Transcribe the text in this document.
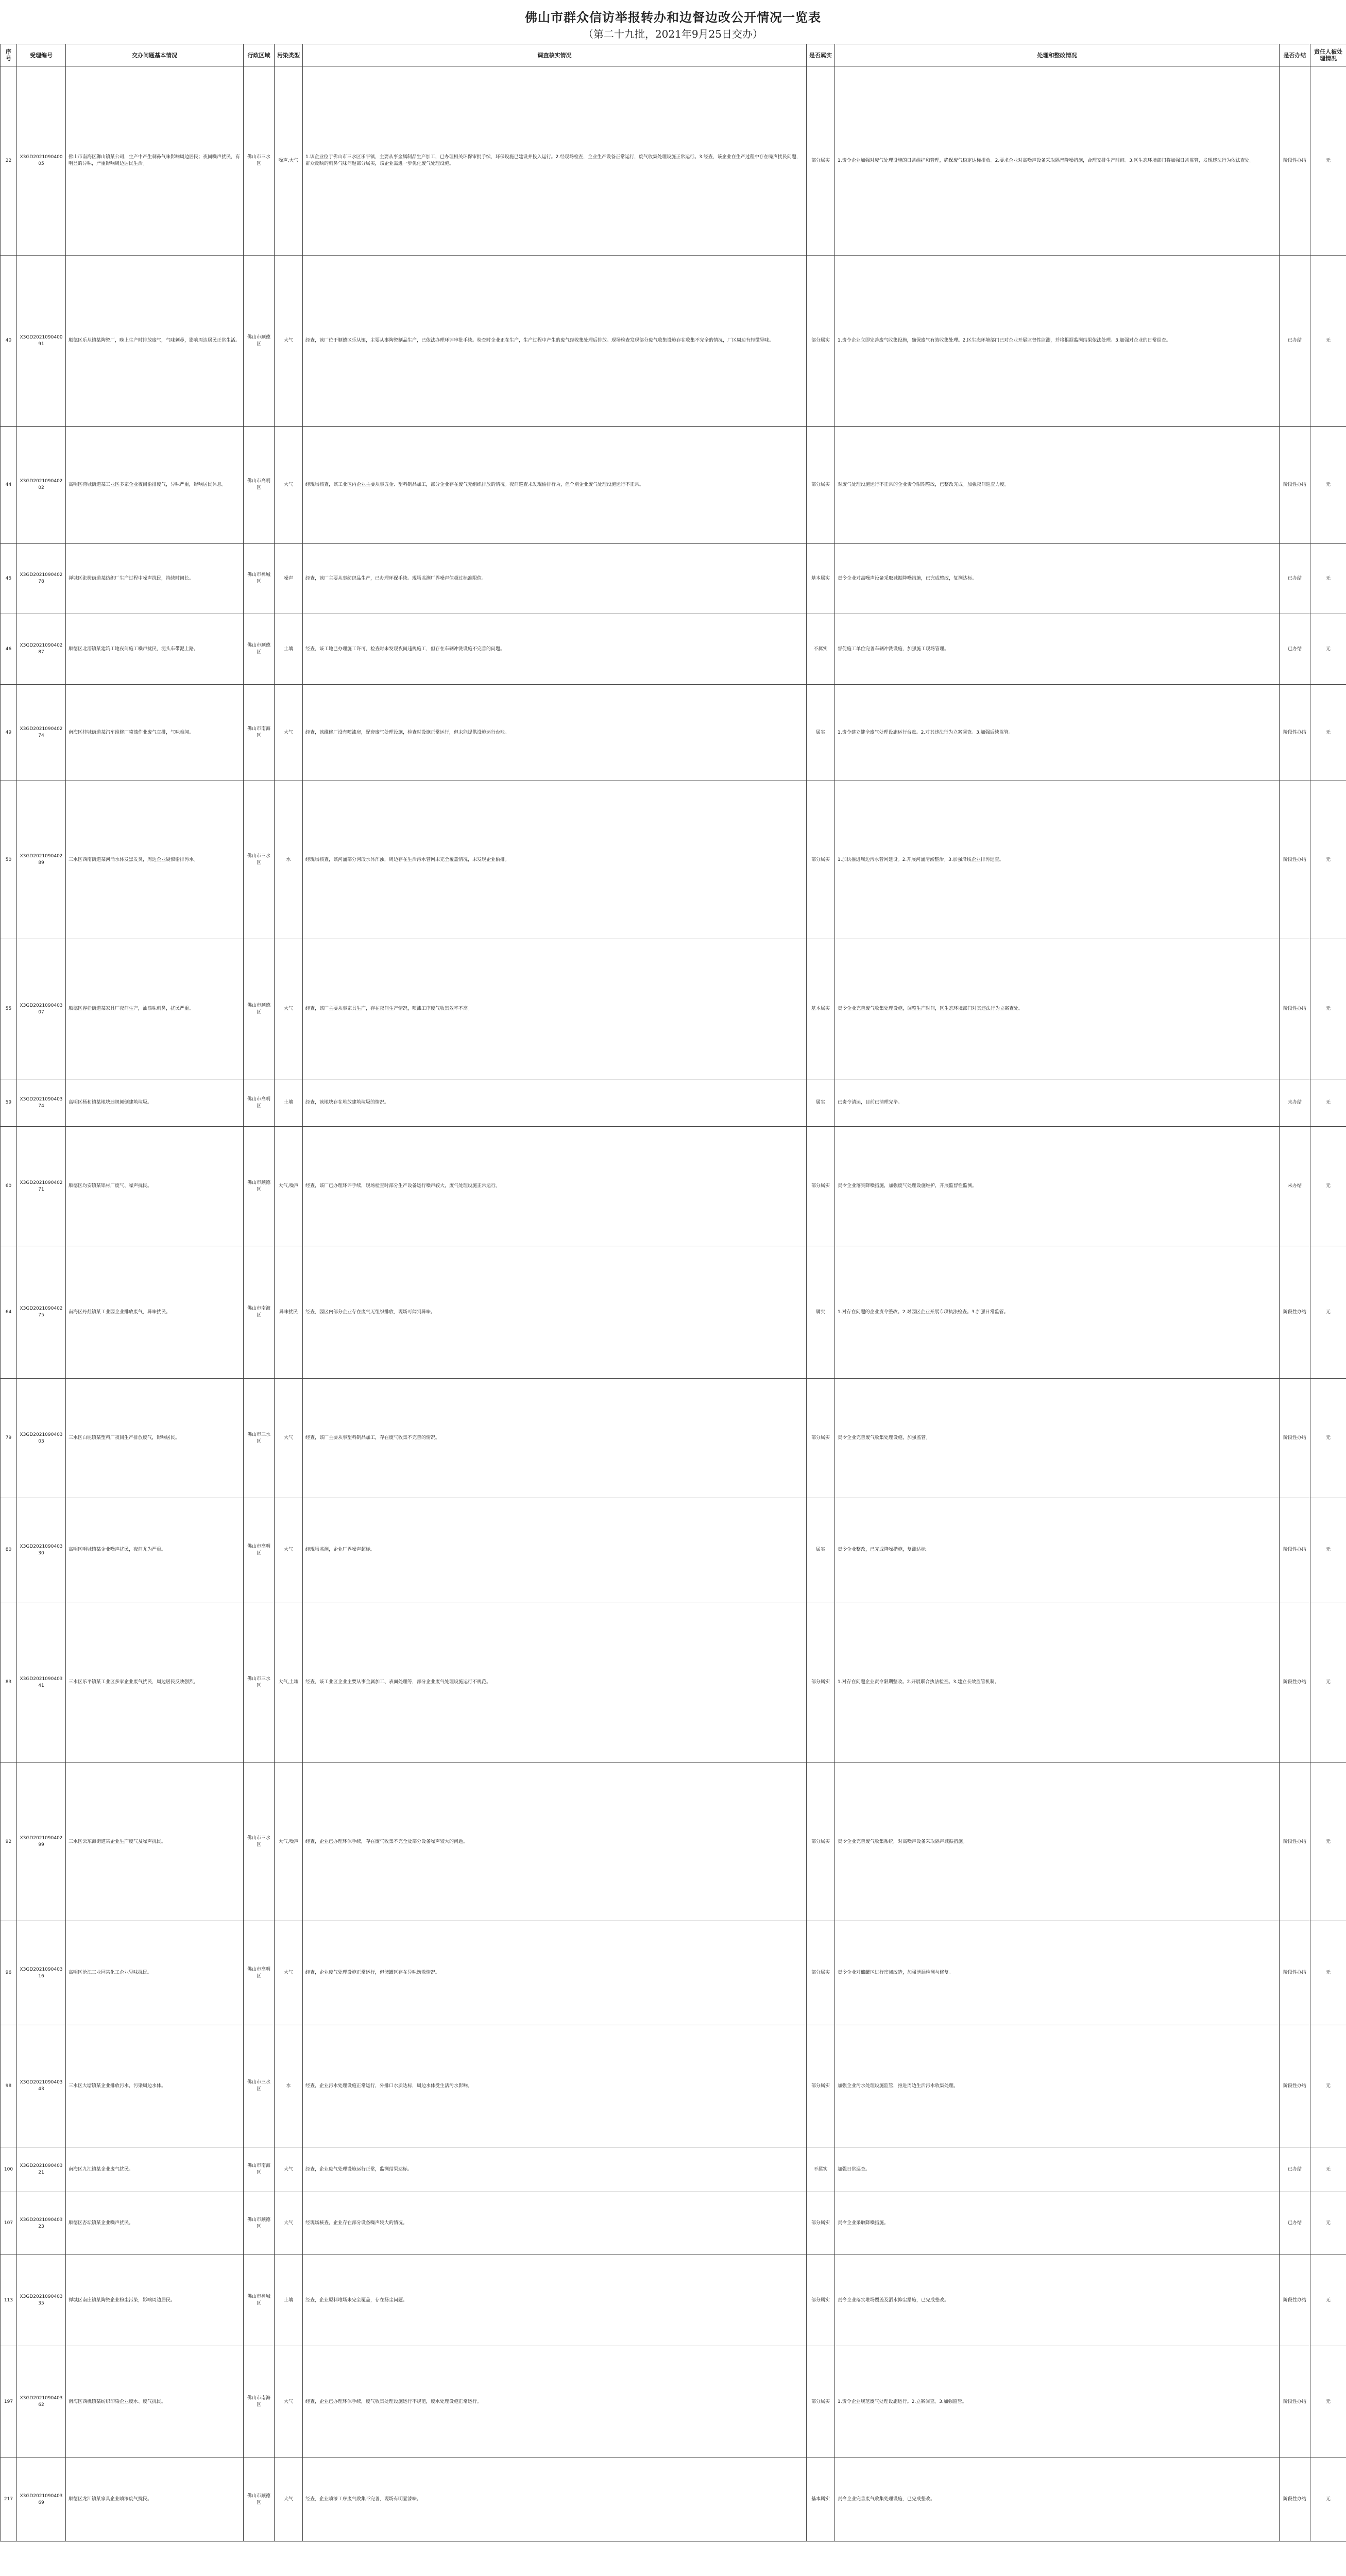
佛山市群众信访举报转办和边督边改公开情况一览表
（第二十九批，2021年9月25日交办）
序号	受理编号	交办问题基本情况	行政区域	污染类型	调查核实情况	是否属实	处理和整改情况	是否办结	责任人被处理情况
22	X3GD202109040005	佛山市南海区狮山镇某公司，生产中产生刺鼻气味影响周边居民；夜间噪声扰民，有明显的异味，严重影响周边居民生活。	佛山市三水区	噪声,大气	1.该企业位于佛山市三水区乐平镇，主要从事金属制品生产加工，已办理相关环保审批手续，环保设施已建设并投入运行。2.经现场检查，企业生产设备正常运行，废气收集处理设施正常运行。3.经查，该企业在生产过程中存在噪声扰民问题，群众反映的刺鼻气味问题部分属实，该企业需进一步优化废气处理设施。	部分属实	1.责令企业加强对废气处理设施的日常维护和管理，确保废气稳定达标排放。2.要求企业对高噪声设备采取隔音降噪措施，合理安排生产时间。3.区生态环境部门将加强日常监管，发现违法行为依法查处。	阶段性办结	无
40	X3GD202109040091	顺德区乐从镇某陶瓷厂，晚上生产时排放废气，气味刺鼻，影响周边居民正常生活。	佛山市顺德区	大气	经查，该厂位于顺德区乐从镇，主要从事陶瓷制品生产，已依法办理环评审批手续。检查时企业正在生产，生产过程中产生的废气经收集处理后排放。现场检查发现部分废气收集设施存在收集不完全的情况，厂区周边有轻微异味。	部分属实	1.责令企业立即完善废气收集设施，确保废气有效收集处理。2.区生态环境部门已对企业开展监督性监测，并将根据监测结果依法处理。3.加强对企业的日常巡查。	已办结	无
44	X3GD202109040202	高明区荷城街道某工业区多家企业夜间偷排废气，异味严重，影响居民休息。	佛山市高明区	大气	经现场核查，该工业区内企业主要从事五金、塑料制品加工，部分企业存在废气无组织排放的情况。夜间巡查未发现偷排行为，但个别企业废气处理设施运行不正常。	部分属实	对废气处理设施运行不正常的企业责令限期整改，已整改完成。加强夜间巡查力度。	阶段性办结	无
45	X3GD202109040278	禅城区张槎街道某纺织厂生产过程中噪声扰民，持续时间长。	佛山市禅城区	噪声	经查，该厂主要从事纺织品生产，已办理环保手续。现场监测厂界噪声值超过标准限值。	基本属实	责令企业对高噪声设备采取减振降噪措施，已完成整改，复测达标。	已办结	无
46	X3GD202109040287	顺德区北滘镇某建筑工地夜间施工噪声扰民，泥头车带泥上路。	佛山市顺德区	土壤	经查，该工地已办理施工许可，检查时未发现夜间违规施工，但存在车辆冲洗设施不完善的问题。	不属实	督促施工单位完善车辆冲洗设施，加强施工现场管理。	已办结	无
49	X3GD202109040274	南海区桂城街道某汽车维修厂喷漆作业废气直排，气味难闻。	佛山市南海区	大气	经查，该维修厂设有喷漆房，配套废气处理设施，检查时设施正常运行，但未能提供设施运行台账。	属实	1.责令建立健全废气处理设施运行台账。2.对其违法行为立案调查。3.加强后续监管。	阶段性办结	无
50	X3GD202109040289	三水区西南街道某河涌水体发黑发臭，周边企业疑似偷排污水。	佛山市三水区	水	经现场核查，该河涌部分河段水体浑浊，周边存在生活污水管网未完全覆盖情况，未发现企业偷排。	部分属实	1.加快推进周边污水管网建设。2.开展河涌清淤整治。3.加强沿线企业排污巡查。	阶段性办结	无
55	X3GD202109040307	顺德区容桂街道某家具厂夜间生产，油漆味刺鼻，扰民严重。	佛山市顺德区	大气	经查，该厂主要从事家具生产，存在夜间生产情况，喷漆工序废气收集效率不高。	基本属实	责令企业完善废气收集处理设施，调整生产时间，区生态环境部门对其违法行为立案查处。	阶段性办结	无
59	X3GD202109040374	高明区杨和镇某地块违规倾倒建筑垃圾。	佛山市高明区	土壤	经查，该地块存在堆放建筑垃圾的情况。	属实	已责令清运，目前已清理完毕。	未办结	无
60	X3GD202109040271	顺德区均安镇某铝材厂废气、噪声扰民。	佛山市顺德区	大气,噪声	经查，该厂已办理环评手续，现场检查时部分生产设备运行噪声较大，废气处理设施正常运行。	部分属实	责令企业落实降噪措施，加强废气处理设施维护，开展监督性监测。	未办结	无
64	X3GD202109040275	南海区丹灶镇某工业园企业排放废气，异味扰民。	佛山市南海区	异味扰民	经查，园区内部分企业存在废气无组织排放，现场可闻到异味。	属实	1.对存在问题的企业责令整改。2.对园区企业开展专项执法检查。3.加强日常监管。	阶段性办结	无
79	X3GD202109040303	三水区白坭镇某塑料厂夜间生产排放废气，影响居民。	佛山市三水区	大气	经查，该厂主要从事塑料制品加工，存在废气收集不完善的情况。	部分属实	责令企业完善废气收集处理设施，加强监管。	阶段性办结	无
80	X3GD202109040330	高明区明城镇某企业噪声扰民，夜间尤为严重。	佛山市高明区	大气	经现场监测，企业厂界噪声超标。	属实	责令企业整改，已完成降噪措施，复测达标。	阶段性办结	无
83	X3GD202109040341	三水区乐平镇某工业区多家企业废气扰民，周边居民反映强烈。	佛山市三水区	大气,土壤	经查，该工业区企业主要从事金属加工、表面处理等，部分企业废气处理设施运行不规范。	部分属实	1.对存在问题企业责令限期整改。2.开展联合执法检查。3.建立长效监管机制。	阶段性办结	无
92	X3GD202109040299	三水区云东海街道某企业生产废气及噪声扰民。	佛山市三水区	大气,噪声	经查，企业已办理环保手续，存在废气收集不完全及部分设备噪声较大的问题。	部分属实	责令企业完善废气收集系统，对高噪声设备采取隔声减振措施。	阶段性办结	无
96	X3GD202109040316	高明区沧江工业园某化工企业异味扰民。	佛山市高明区	大气	经查，企业废气处理设施正常运行，但储罐区存在异味逸散情况。	部分属实	责令企业对储罐区进行密闭改造，加强泄漏检测与修复。	阶段性办结	无
98	X3GD202109040343	三水区大塘镇某企业排放污水，污染周边水体。	佛山市三水区	水	经查，企业污水处理设施正常运行，外排口水质达标，周边水体受生活污水影响。	部分属实	加强企业污水处理设施监管，推进周边生活污水收集处理。	阶段性办结	无
100	X3GD202109040321	南海区九江镇某企业废气扰民。	佛山市南海区	大气	经查，企业废气处理设施运行正常，监测结果达标。	不属实	加强日常巡查。	已办结	无
107	X3GD202109040323	顺德区杏坛镇某企业噪声扰民。	佛山市顺德区	大气	经现场核查，企业存在部分设备噪声较大的情况。	部分属实	责令企业采取降噪措施。	已办结	无
113	X3GD202109040335	禅城区南庄镇某陶瓷企业粉尘污染，影响周边居民。	佛山市禅城区	土壤	经查，企业原料堆场未完全覆盖，存在扬尘问题。	部分属实	责令企业落实堆场覆盖及洒水抑尘措施，已完成整改。	阶段性办结	无
197	X3GD202109040362	南海区西樵镇某纺织印染企业废水、废气扰民。	佛山市南海区	大气	经查，企业已办理环保手续，废气收集处理设施运行不规范，废水处理设施正常运行。	部分属实	1.责令企业规范废气处理设施运行。2.立案调查。3.加强监管。	阶段性办结	无
217	X3GD202109040369	顺德区龙江镇某家具企业喷漆废气扰民。	佛山市顺德区	大气	经查，企业喷漆工序废气收集不完善，现场有明显漆味。	基本属实	责令企业完善废气收集处理设施，已完成整改。	阶段性办结	无
